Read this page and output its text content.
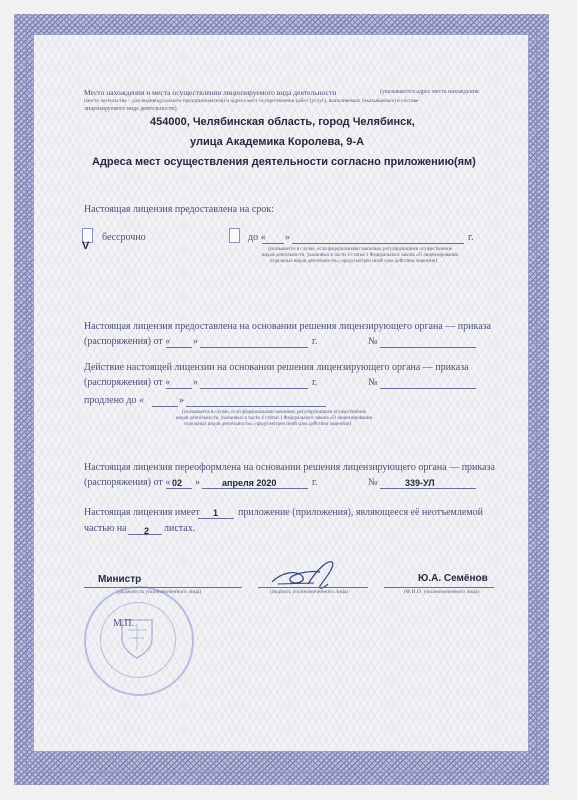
Место нахождения и места осуществления лицензируемого вида деятельности	(указываются адрес места нахождения
(место жительства – для индивидуального предпринимателя) и адреса мест осуществления работ (услуг), выполняемых (оказываемых) в составе
лицензируемого вида деятельности)
454000, Челябинская область, город Челябинск,
улица Академика Королева, 9-А
Адреса мест осуществления деятельности согласно приложению(ям)
Настоящая лицензия предоставлена на срок:
V
бессрочно	до « »	г.
(указывается в случае, если федеральными законами, регулирующими осуществление
видов деятельности, указанных в части 4 статьи 1 Федерального закона «О лицензировании
отдельных видов деятельности», предусмотрен иной срок действия лицензии)
Настоящая лицензия предоставлена на основании решения лицензирующего органа — приказа
(распоряжения) от « »	г.	№
Действие настоящей лицензии на основании решения лицензирующего органа — приказа
(распоряжения) от « »	г.	№
продлено до «	»
(указывается в случае, если федеральными законами, регулирующими осуществление
видов деятельности, указанных в части 4 статьи 1 Федерального закона «О лицензировании
отдельных видов деятельности», предусмотрен иной срок действия лицензии)
Настоящая лицензия переоформлена на основании решения лицензирующего органа — приказа
(распоряжения) от « 02 » апреля 2020	г.	№	339-УЛ
Настоящая лицензия имеет 1 приложение (приложения), являющееся её неотъемлемой
частью на 2 листах.
Министр
(должность уполномоченного лица)	(подпись уполномоченного лица)
Ю.А. Семёнов
(Ф.И.О. уполномоченного лица)
М.П.
